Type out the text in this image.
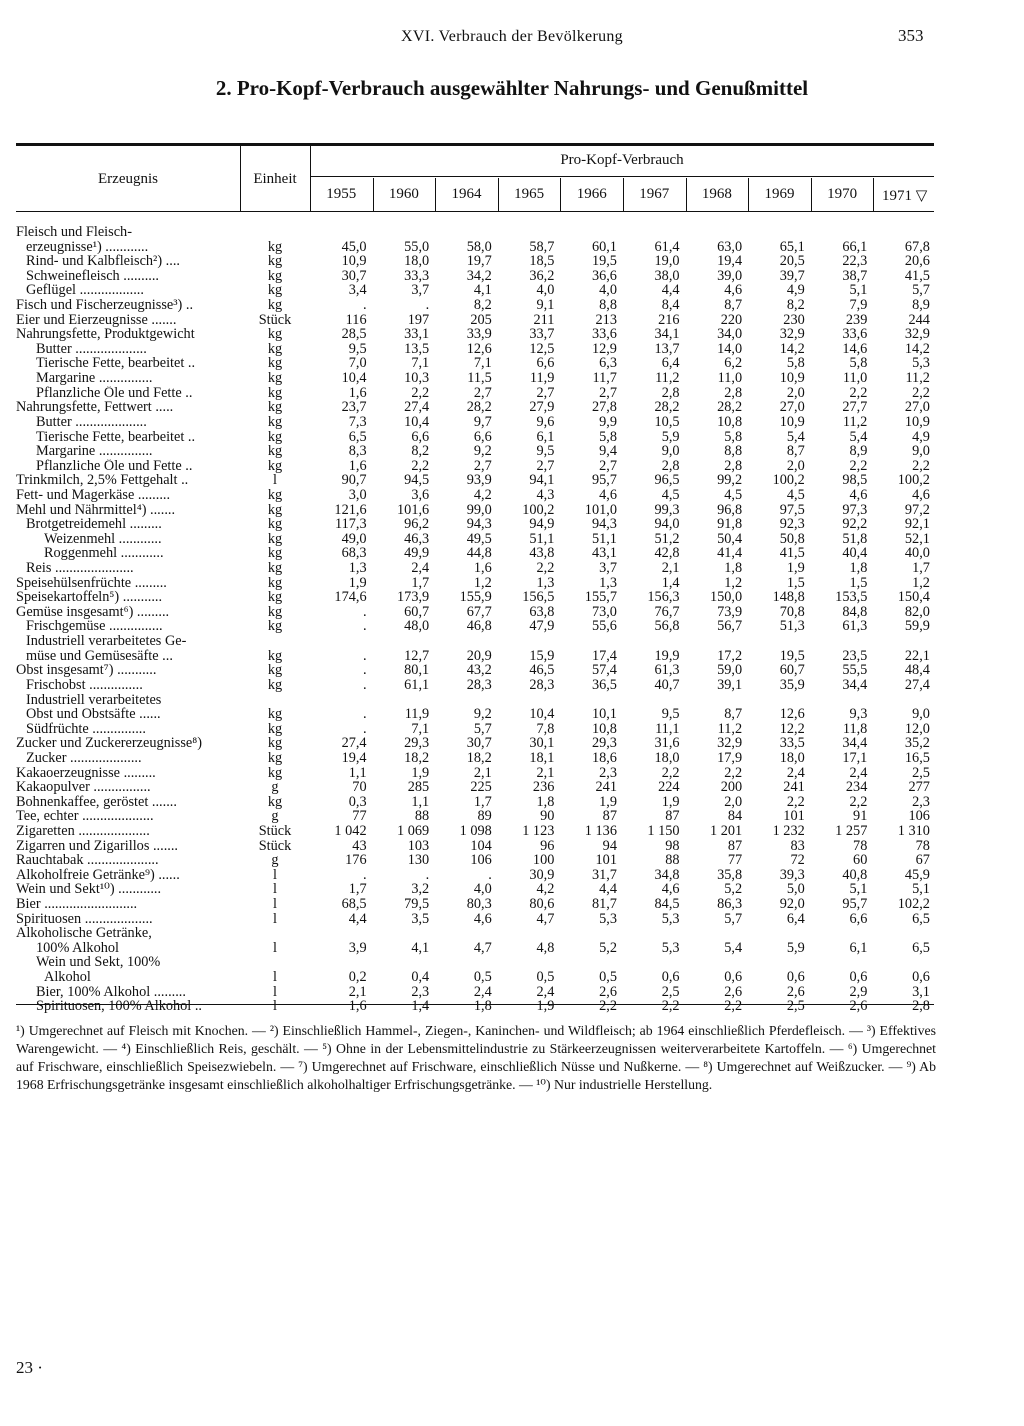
XVI. Verbrauch der Bevölkerung	353
2. Pro-Kopf-Verbrauch ausgewählter Nahrungs- und Genußmittel
Erzeugnis	Einheit
Pro-Kopf-Verbrauch
1955	1960	1964	1965	1966	1967	1968	1969	1970	1971 ▽
Fleisch und Fleisch-
erzeugnisse¹) ............	kg	45,0	55,0	58,0	58,7	60,1	61,4	63,0	65,1	66,1	67,8
Rind- und Kalbfleisch²) ....	kg	10,9	18,0	19,7	18,5	19,5	19,0	19,4	20,5	22,3	20,6
Schweinefleisch ..........	kg	30,7	33,3	34,2	36,2	36,6	38,0	39,0	39,7	38,7	41,5
Geflügel ..................	kg	3,4	3,7	4,1	4,0	4,0	4,4	4,6	4,9	5,1	5,7
Fisch und Fischerzeugnisse³) ..	kg	.	.	8,2	9,1	8,8	8,4	8,7	8,2	7,9	8,9
Eier und Eierzeugnisse .......	Stück	116	197	205	211	213	216	220	230	239	244
Nahrungsfette, Produktgewicht	kg	28,5	33,1	33,9	33,7	33,6	34,1	34,0	32,9	33,6	32,9
Butter ....................	kg	9,5	13,5	12,6	12,5	12,9	13,7	14,0	14,2	14,6	14,2
Tierische Fette, bearbeitet ..	kg	7,0	7,1	7,1	6,6	6,3	6,4	6,2	5,8	5,8	5,3
Margarine ...............	kg	10,4	10,3	11,5	11,9	11,7	11,2	11,0	10,9	11,0	11,2
Pflanzliche Öle und Fette ..	kg	1,6	2,2	2,7	2,7	2,7	2,8	2,8	2,0	2,2	2,2
Nahrungsfette, Fettwert .....	kg	23,7	27,4	28,2	27,9	27,8	28,2	28,2	27,0	27,7	27,0
Butter ....................	kg	7,3	10,4	9,7	9,6	9,9	10,5	10,8	10,9	11,2	10,9
Tierische Fette, bearbeitet ..	kg	6,5	6,6	6,6	6,1	5,8	5,9	5,8	5,4	5,4	4,9
Margarine ...............	kg	8,3	8,2	9,2	9,5	9,4	9,0	8,8	8,7	8,9	9,0
Pflanzliche Öle und Fette ..	kg	1,6	2,2	2,7	2,7	2,7	2,8	2,8	2,0	2,2	2,2
Trinkmilch, 2,5% Fettgehalt ..	l	90,7	94,5	93,9	94,1	95,7	96,5	99,2	100,2	98,5	100,2
Fett- und Magerkäse .........	kg	3,0	3,6	4,2	4,3	4,6	4,5	4,5	4,5	4,6	4,6
Mehl und Nährmittel⁴) .......	kg	121,6	101,6	99,0	100,2	101,0	99,3	96,8	97,5	97,3	97,2
Brotgetreidemehl .........	kg	117,3	96,2	94,3	94,9	94,3	94,0	91,8	92,3	92,2	92,1
Weizenmehl ............	kg	49,0	46,3	49,5	51,1	51,1	51,2	50,4	50,8	51,8	52,1
Roggenmehl ............	kg	68,3	49,9	44,8	43,8	43,1	42,8	41,4	41,5	40,4	40,0
Reis ......................	kg	1,3	2,4	1,6	2,2	3,7	2,1	1,8	1,9	1,8	1,7
Speisehülsenfrüchte .........	kg	1,9	1,7	1,2	1,3	1,3	1,4	1,2	1,5	1,5	1,2
Speisekartoffeln⁵) ...........	kg	174,6	173,9	155,9	156,5	155,7	156,3	150,0	148,8	153,5	150,4
Gemüse insgesamt⁶) .........	kg	.	60,7	67,7	63,8	73,0	76,7	73,9	70,8	84,8	82,0
Frischgemüse ...............	kg	.	48,0	46,8	47,9	55,6	56,8	56,7	51,3	61,3	59,9
Industriell verarbeitetes Ge-
müse und Gemüsesäfte ...	kg	.	12,7	20,9	15,9	17,4	19,9	17,2	19,5	23,5	22,1
Obst insgesamt⁷) ...........	kg	.	80,1	43,2	46,5	57,4	61,3	59,0	60,7	55,5	48,4
Frischobst ...............	kg	.	61,1	28,3	28,3	36,5	40,7	39,1	35,9	34,4	27,4
Industriell verarbeitetes
Obst und Obstsäfte ......	kg	.	11,9	9,2	10,4	10,1	9,5	8,7	12,6	9,3	9,0
Südfrüchte ...............	kg	.	7,1	5,7	7,8	10,8	11,1	11,2	12,2	11,8	12,0
Zucker und Zuckererzeugnisse⁸)	kg	27,4	29,3	30,7	30,1	29,3	31,6	32,9	33,5	34,4	35,2
Zucker ....................	kg	19,4	18,2	18,2	18,1	18,6	18,0	17,9	18,0	17,1	16,5
Kakaoerzeugnisse .........	kg	1,1	1,9	2,1	2,1	2,3	2,2	2,2	2,4	2,4	2,5
Kakaopulver ................	g	70	285	225	236	241	224	200	241	234	277
Bohnenkaffee, geröstet .......	kg	0,3	1,1	1,7	1,8	1,9	1,9	2,0	2,2	2,2	2,3
Tee, echter ....................	g	77	88	89	90	87	87	84	101	91	106
Zigaretten ....................	Stück	1 042	1 069	1 098	1 123	1 136	1 150	1 201	1 232	1 257	1 310
Zigarren und Zigarillos .......	Stück	43	103	104	96	94	98	87	83	78	78
Rauchtabak ....................	g	176	130	106	100	101	88	77	72	60	67
Alkoholfreie Getränke⁹) ......	l	.	.	.	30,9	31,7	34,8	35,8	39,3	40,8	45,9
Wein und Sekt¹⁰) ............	l	1,7	3,2	4,0	4,2	4,4	4,6	5,2	5,0	5,1	5,1
Bier ..........................	l	68,5	79,5	80,3	80,6	81,7	84,5	86,3	92,0	95,7	102,2
Spirituosen ...................	l	4,4	3,5	4,6	4,7	5,3	5,3	5,7	6,4	6,6	6,5
Alkoholische Getränke,
100% Alkohol	l	3,9	4,1	4,7	4,8	5,2	5,3	5,4	5,9	6,1	6,5
Wein und Sekt, 100%
Alkohol	l	0,2	0,4	0,5	0,5	0,5	0,6	0,6	0,6	0,6	0,6
Bier, 100% Alkohol .........	l	2,1	2,3	2,4	2,4	2,6	2,5	2,6	2,6	2,9	3,1
Spirituosen, 100% Alkohol ..	l	1,6	1,4	1,8	1,9	2,2	2,2	2,2	2,5	2,6	2,8

¹) Umgerechnet auf Fleisch mit Knochen. — ²) Einschließlich Hammel-, Ziegen-, Kaninchen- und Wildfleisch; ab 1964 einschließlich Pferdefleisch. — ³) Effektives Warengewicht. — ⁴) Einschließlich Reis, geschält. — ⁵) Ohne in der Lebensmittelindustrie zu Stärkeerzeugnissen weiterverarbeitete Kartoffeln. — ⁶) Umgerechnet auf Frischware, einschließlich Speisezwiebeln. — ⁷) Umgerechnet auf Frischware, einschließlich Nüsse und Nußkerne. — ⁸) Umgerechnet auf Weißzucker. — ⁹) Ab 1968 Erfrischungsgetränke insgesamt einschließlich alkoholhaltiger Erfrischungsgetränke. — ¹⁰) Nur industrielle Herstellung.

23 ·
